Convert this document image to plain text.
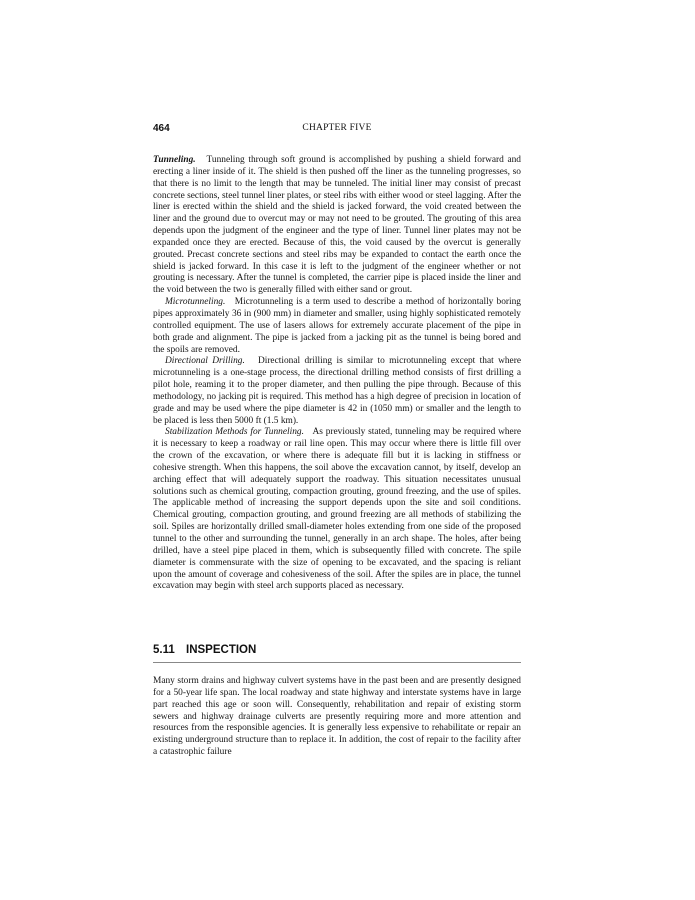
464	CHAPTER FIVE

Tunneling. Tunneling through soft ground is accomplished by pushing a shield forward and erecting a liner inside of it. The shield is then pushed off the liner as the tunneling progresses, so that there is no limit to the length that may be tunneled. The initial liner may consist of precast concrete sections, steel tunnel liner plates, or steel ribs with either wood or steel lagging. After the liner is erected within the shield and the shield is jacked forward, the void created between the liner and the ground due to overcut may or may not need to be grouted. The grouting of this area depends upon the judgment of the engineer and the type of liner. Tunnel liner plates may not be expanded once they are erected. Because of this, the void caused by the overcut is generally grouted. Precast concrete sections and steel ribs may be expanded to contact the earth once the shield is jacked forward. In this case it is left to the judgment of the engineer whether or not grouting is necessary. After the tunnel is completed, the carrier pipe is placed inside the liner and the void between the two is generally filled with either sand or grout.

Microtunneling. Microtunneling is a term used to describe a method of horizontally boring pipes approximately 36 in (900 mm) in diameter and smaller, using highly sophisticated remotely controlled equipment. The use of lasers allows for extremely accurate placement of the pipe in both grade and alignment. The pipe is jacked from a jacking pit as the tunnel is being bored and the spoils are removed.

Directional Drilling. Directional drilling is similar to microtunneling except that where microtunneling is a one-stage process, the directional drilling method consists of first drilling a pilot hole, reaming it to the proper diameter, and then pulling the pipe through. Because of this methodology, no jacking pit is required. This method has a high degree of precision in location of grade and may be used where the pipe diameter is 42 in (1050 mm) or smaller and the length to be placed is less then 5000 ft (1.5 km).

Stabilization Methods for Tunneling. As previously stated, tunneling may be required where it is necessary to keep a roadway or rail line open. This may occur where there is little fill over the crown of the excavation, or where there is adequate fill but it is lacking in stiffness or cohesive strength. When this happens, the soil above the excavation cannot, by itself, develop an arching effect that will adequately support the roadway. This situation necessitates unusual solutions such as chemical grouting, compaction grouting, ground freezing, and the use of spiles. The applicable method of increasing the support depends upon the site and soil conditions. Chemical grouting, compaction grouting, and ground freezing are all methods of stabilizing the soil. Spiles are horizontally drilled small-diameter holes extending from one side of the proposed tunnel to the other and surrounding the tunnel, generally in an arch shape. The holes, after being drilled, have a steel pipe placed in them, which is subsequently filled with concrete. The spile diameter is commensurate with the size of opening to be excavated, and the spacing is reliant upon the amount of coverage and cohesiveness of the soil. After the spiles are in place, the tunnel excavation may begin with steel arch supports placed as necessary.

5.11 INSPECTION

Many storm drains and highway culvert systems have in the past been and are presently designed for a 50-year life span. The local roadway and state highway and interstate systems have in large part reached this age or soon will. Consequently, rehabilitation and repair of existing storm sewers and highway drainage culverts are presently requiring more and more attention and resources from the responsible agencies. It is generally less expensive to rehabilitate or repair an existing underground structure than to replace it. In addition, the cost of repair to the facility after a catastrophic failure
